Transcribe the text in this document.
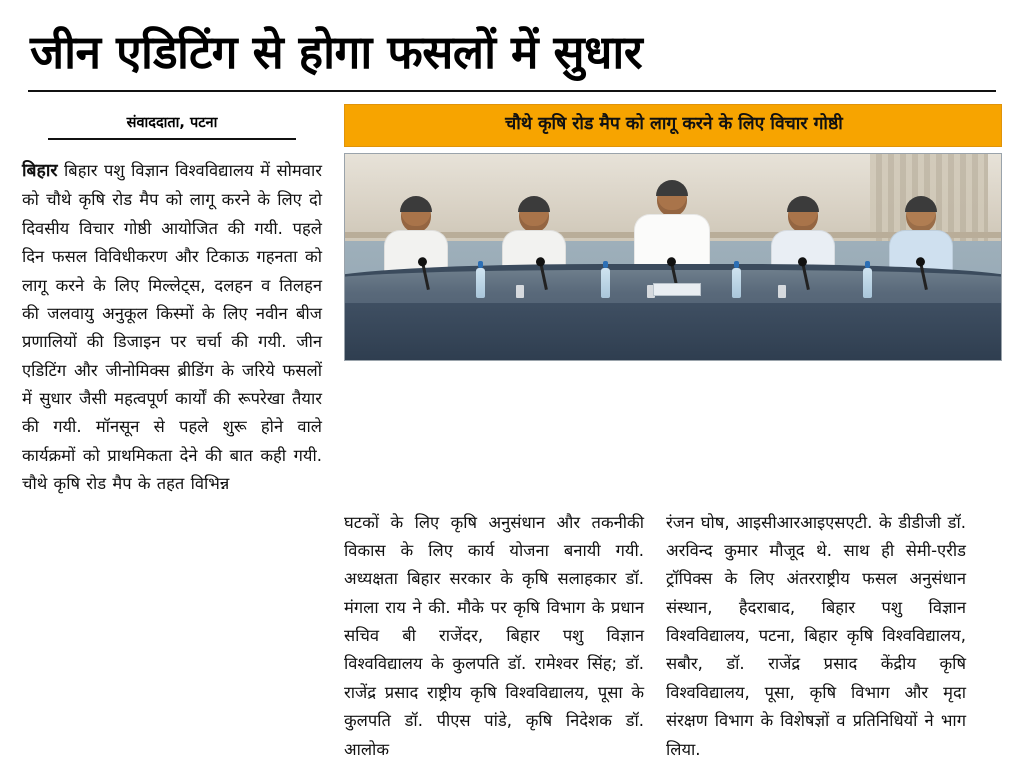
जीन एडिटिंग से होगा फसलों में सुधार
संवाददाता, पटना
बिहार बिहार पशु विज्ञान विश्वविद्यालय में सोमवार को चौथे कृषि रोड मैप को लागू करने के लिए दो दिवसीय विचार गोष्ठी आयोजित की गयी. पहले दिन फसल विविधीकरण और टिकाऊ गहनता को लागू करने के लिए मिल्लेट्स, दलहन व तिलहन की जलवायु अनुकूल किस्मों के लिए नवीन बीज प्रणालियों की डिजाइन पर चर्चा की गयी. जीन एडिटिंग और जीनोमिक्स ब्रीडिंग के जरिये फसलों में सुधार जैसी महत्वपूर्ण कार्यों की रूपरेखा तैयार की गयी. मॉनसून से पहले शुरू होने वाले कार्यक्रमों को प्राथमिकता देने की बात कही गयी. चौथे कृषि रोड मैप के तहत विभिन्न
चौथे कृषि रोड मैप को लागू करने के लिए विचार गोष्ठी
घटकों के लिए कृषि अनुसंधान और तकनीकी विकास के लिए कार्य योजना बनायी गयी. अध्यक्षता बिहार सरकार के कृषि सलाहकार डॉ. मंगला राय ने की. मौके पर कृषि विभाग के प्रधान सचिव बी राजेंदर, बिहार पशु विज्ञान विश्वविद्यालय के कुलपति डॉ. रामेश्वर सिंह; डॉ. राजेंद्र प्रसाद राष्ट्रीय कृषि विश्वविद्यालय, पूसा के कुलपति डॉ. पीएस पांडे, कृषि निदेशक डॉ. आलोक
रंजन घोष, आइसीआरआइएसएटी. के डीडीजी डॉ. अरविन्द कुमार मौजूद थे. साथ ही सेमी-एरीड ट्रॉपिक्स के लिए अंतरराष्ट्रीय फसल अनुसंधान संस्थान, हैदराबाद, बिहार पशु विज्ञान विश्वविद्यालय, पटना, बिहार कृषि विश्वविद्यालय, सबौर, डॉ. राजेंद्र प्रसाद केंद्रीय कृषि विश्वविद्यालय, पूसा, कृषि विभाग और मृदा संरक्षण विभाग के विशेषज्ञों व प्रतिनिधियों ने भाग लिया.
